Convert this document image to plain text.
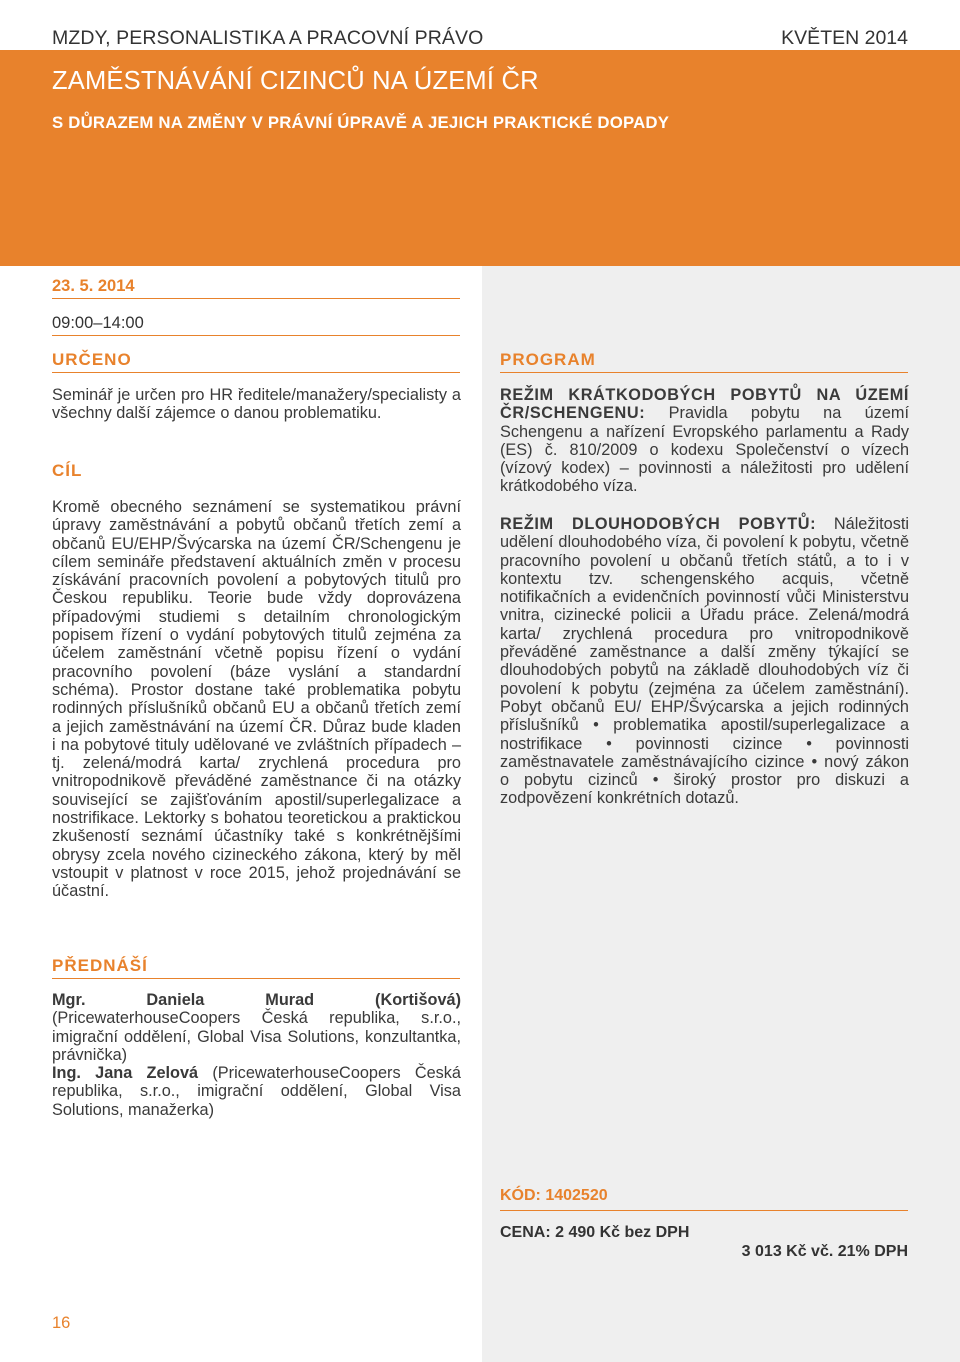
MZDY, PERSONALISTIKA A PRACOVNÍ PRÁVO	KVĚTEN 2014
ZAMĚSTNÁVÁNÍ CIZINCŮ NA ÚZEMÍ ČR
S DŮRAZEM NA ZMĚNY V PRÁVNÍ ÚPRAVĚ A JEJICH PRAKTICKÉ DOPADY
23. 5. 2014
09:00–14:00
URČENO
Seminář je určen pro HR ředitele/manažery/specialisty a všechny další zájemce o danou problematiku.
CÍL
Kromě obecného seznámení se systematikou právní úpravy zaměstnávání a pobytů občanů třetích zemí a občanů EU/EHP/Švýcarska na území ČR/Schengenu je cílem semináře představení aktuálních změn v procesu získávání pracovních povolení a pobytových titulů pro Českou republiku. Teorie bude vždy doprovázena případovými studiemi s detailním chronologickým popisem řízení o vydání pobytových titulů zejména za účelem zaměstnání včetně popisu řízení o vydání pracovního povolení (báze vyslání a standardní schéma). Prostor dostane také problematika pobytu rodinných příslušníků občanů EU a občanů třetích zemí a jejich zaměstnávání na území ČR. Důraz bude kladen i na pobytové tituly udělované ve zvláštních případech – tj. zelená/modrá karta/ zrychlená procedura pro vnitropodnikově převáděné zaměstnance či na otázky související se zajišťováním apostil/superlegalizace a nostrifikace. Lektorky s bohatou teoretickou a praktickou zkušeností seznámí účastníky také s konkrétnějšími obrysy zcela nového cizineckého zákona, který by měl vstoupit v platnost v roce 2015, jehož projednávání se účastní.
PŘEDNÁŠÍ
Mgr. Daniela Murad (Kortišová) (PricewaterhouseCoopers Česká republika, s.r.o., imigrační oddělení, Global Visa Solutions, konzultantka, právnička)
Ing. Jana Zelová (PricewaterhouseCoopers Česká republika, s.r.o., imigrační oddělení, Global Visa Solutions, manažerka)
PROGRAM
REŽIM KRÁTKODOBÝCH POBYTŮ NA ÚZEMÍ ČR/SCHENGENU: Pravidla pobytu na území Schengenu a nařízení Evropského parlamentu a Rady (ES) č. 810/2009 o kodexu Společenství o vízech (vízový kodex) – povinnosti a náležitosti pro udělení krátkodobého víza.
REŽIM DLOUHODOBÝCH POBYTŮ: Náležitosti udělení dlouhodobého víza, či povolení k pobytu, včetně pracovního povolení u občanů třetích států, a to i v kontextu tzv. schengenského acquis, včetně notifikačních a evidenčních povinností vůči Ministerstvu vnitra, cizinecké policii a Úřadu práce. Zelená/modrá karta/ zrychlená procedura pro vnitropodnikově převáděné zaměstnance a další změny týkající se dlouhodobých pobytů na základě dlouhodobých víz či povolení k pobytu (zejména za účelem zaměstnání). Pobyt občanů EU/ EHP/Švýcarska a jejich rodinných příslušníků • problematika apostil/superlegalizace a nostrifikace • povinnosti cizince • povinnosti zaměstnavatele zaměstnávajícího cizince • nový zákon o pobytu cizinců • široký prostor pro diskuzi a zodpovězení konkrétních dotazů.
KÓD: 1402520
CENA: 2 490 Kč bez DPH
3 013 Kč vč. 21% DPH
16
